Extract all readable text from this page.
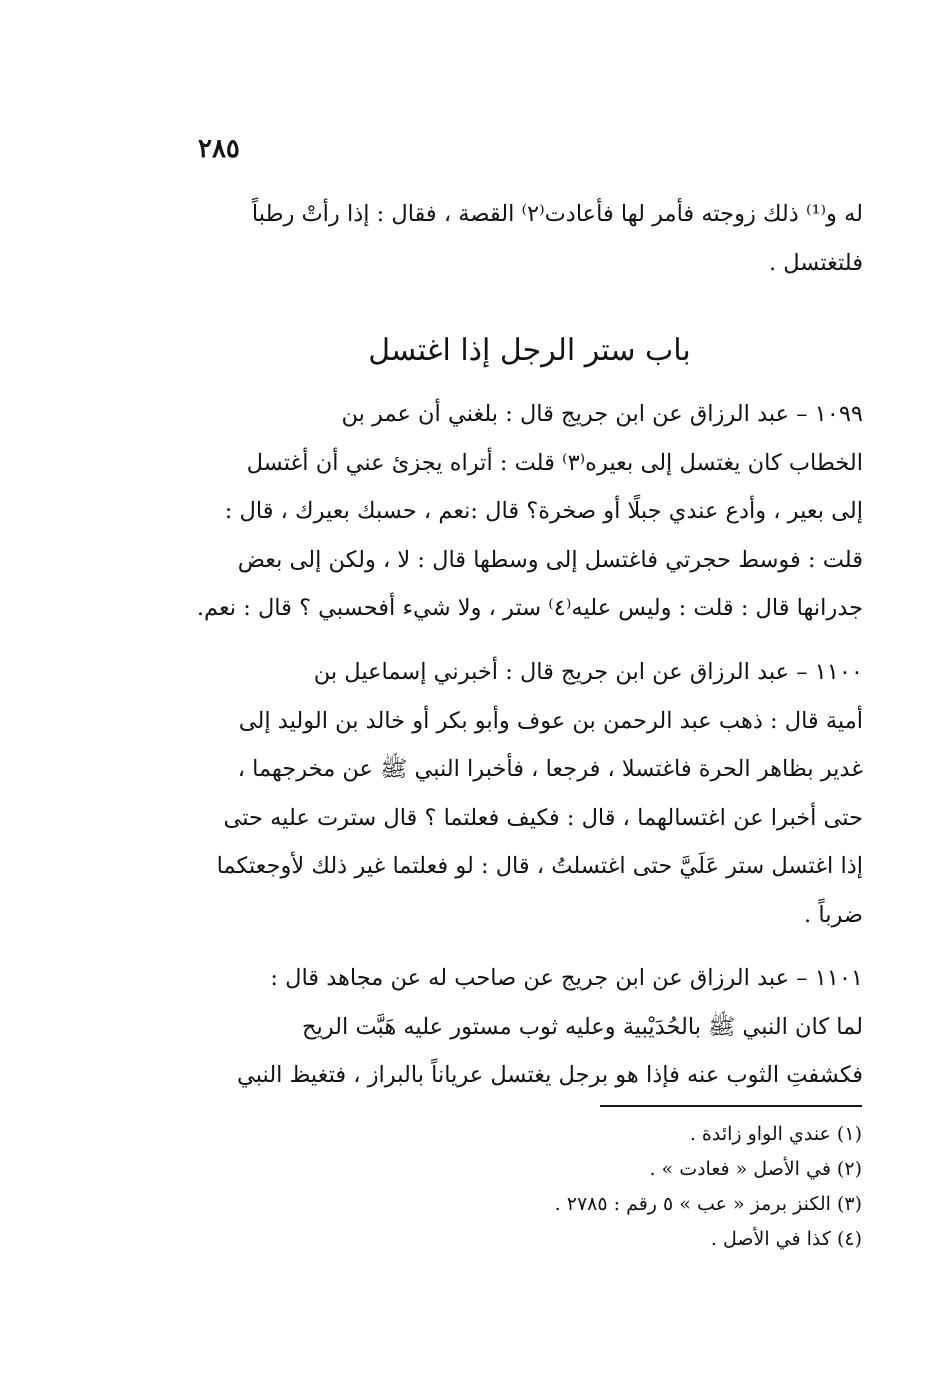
٢٨٥
له و⁽¹⁾ ذلك زوجته فأمر لها فأعادت⁽٢⁾ القصة ، فقال : إذا رأتْ رطباً
فلتغتسل .
باب ستر الرجل إذا اغتسل
١٠٩٩ – عبد الرزاق عن ابن جريج قال : بلغني أن عمر بن
الخطاب كان يغتسل إلى بعيره⁽٣⁾ قلت : أتراه يجزئ عني أن أغتسل
إلى بعير ، وأدع عندي جبلًا أو صخرة؟ قال :نعم ، حسبك بعيرك ، قال :
قلت : فوسط حجرتي فاغتسل إلى وسطها قال : لا ، ولكن إلى بعض
جدرانها قال : قلت : وليس عليه⁽٤⁾ ستر ، ولا شيء أفحسبي ؟ قال : نعم.
١١٠٠ – عبد الرزاق عن ابن جريج قال : أخبرني إسماعيل بن
أمية قال : ذهب عبد الرحمن بن عوف وأبو بكر أو خالد بن الوليد إلى
غدير بظاهر الحرة فاغتسلا ، فرجعا ، فأخبرا النبي ﷺ عن مخرجهما ،
حتى أخبرا عن اغتسالهما ، قال : فكيف فعلتما ؟ قال سترت عليه حتى
إذا اغتسل ستر عَلَيَّ حتى اغتسلتُ ، قال : لو فعلتما غير ذلك لأوجعتكما
ضرباً .
١١٠١ – عبد الرزاق عن ابن جريج عن صاحب له عن مجاهد قال :
لما كان النبي ﷺ بالحُدَيْبية وعليه ثوب مستور عليه هَبَّت الريح
فكشفتِ الثوب عنه فإذا هو برجل يغتسل عرياناً بالبراز ، فتغيظ النبي
(١) عندي الواو زائدة .
(٢) في الأصل « فعادت » .
(٣) الكنز برمز « عب » ٥ رقم : ٢٧٨٥ .
(٤) كذا في الأصل .
